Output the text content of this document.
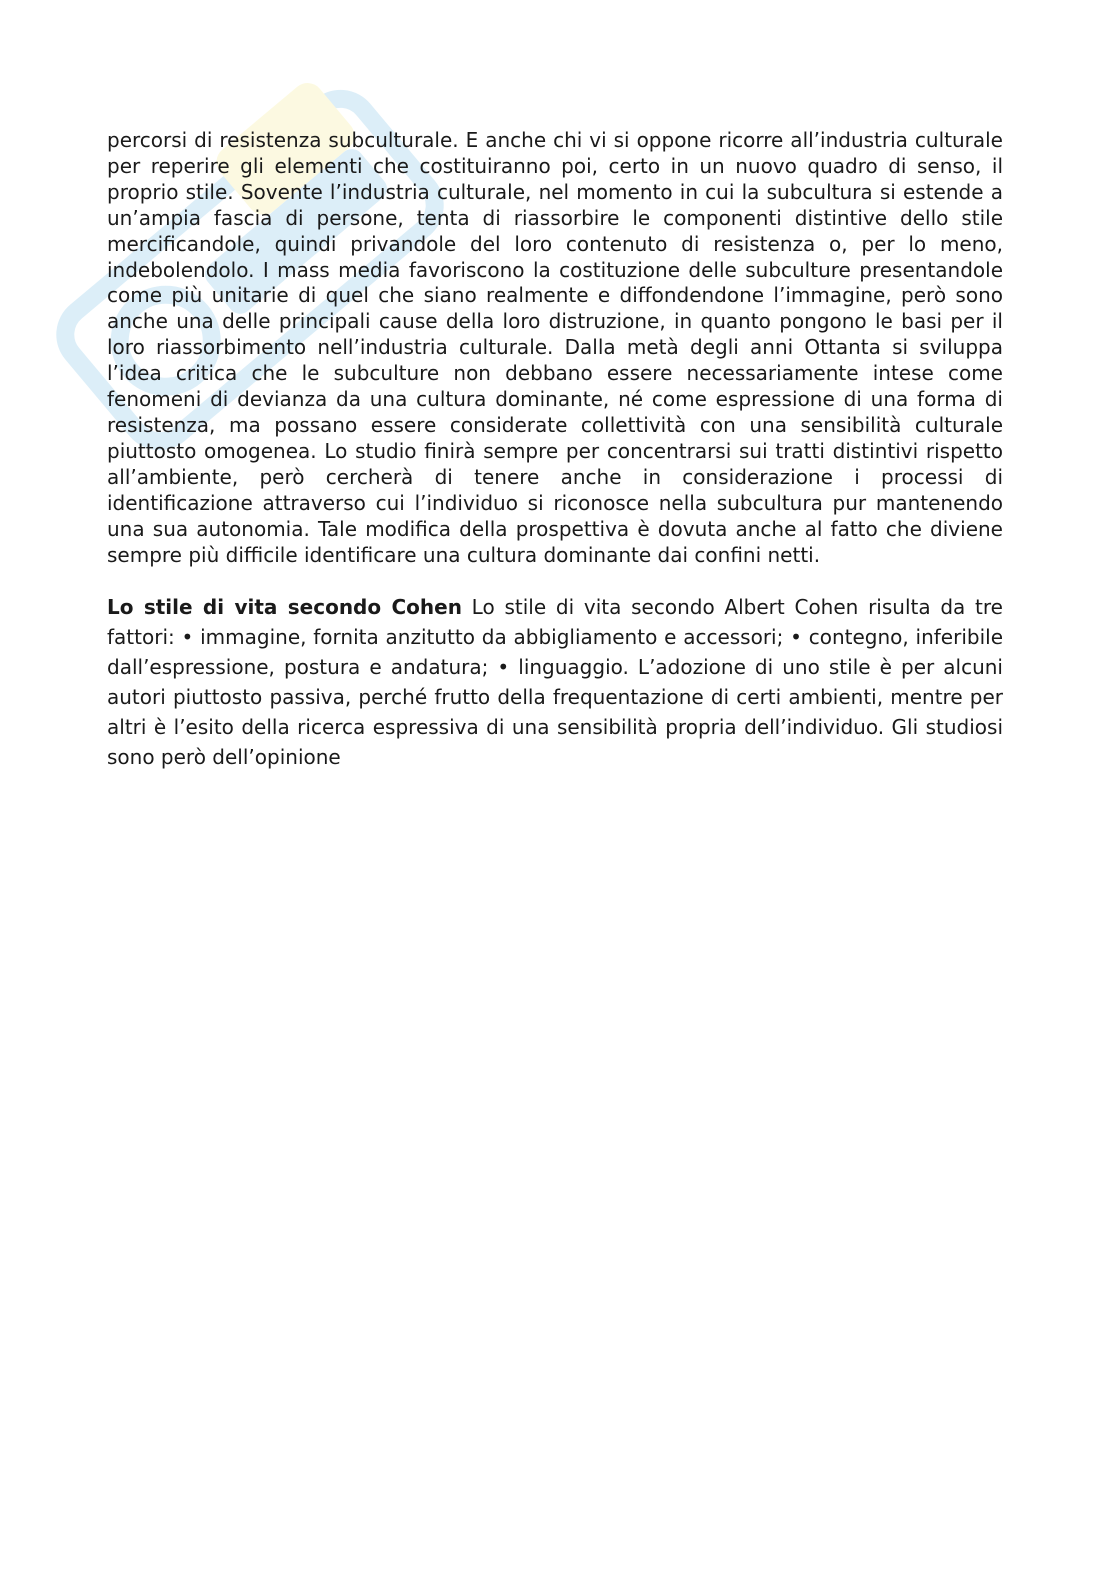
percorsi di resistenza subculturale. E anche chi vi si oppone ricorre all’industria culturale per reperire gli elementi che costituiranno poi, certo in un nuovo quadro di senso, il proprio stile. Sovente l’industria culturale, nel momento in cui la subcultura si estende a un’ampia fascia di persone, tenta di riassorbire le componenti distintive dello stile mercificandole, quindi privandole del loro contenuto di resistenza o, per lo meno, indebolendolo. I mass media favoriscono la costituzione delle subculture presentandole come più unitarie di quel che siano realmente e diffondendone l’immagine, però sono anche una delle principali cause della loro distruzione, in quanto pongono le basi per il loro riassorbimento nell’industria culturale. Dalla metà degli anni Ottanta si sviluppa l’idea critica che le subculture non debbano essere necessariamente intese come fenomeni di devianza da una cultura dominante, né come espressione di una forma di resistenza, ma possano essere considerate collettività con una sensibilità culturale piuttosto omogenea. Lo studio finirà sempre per concentrarsi sui tratti distintivi rispetto all’ambiente, però cercherà di tenere anche in considerazione i processi di identificazione attraverso cui l’individuo si riconosce nella subcultura pur mantenendo una sua autonomia. Tale modifica della prospettiva è dovuta anche al fatto che diviene sempre più difficile identificare una cultura dominante dai confini netti.

Lo stile di vita secondo Cohen Lo stile di vita secondo Albert Cohen risulta da tre fattori: • immagine, fornita anzitutto da abbigliamento e accessori; • contegno, inferibile dall’espressione, postura e andatura; • linguaggio. L’adozione di uno stile è per alcuni autori piuttosto passiva, perché frutto della frequentazione di certi ambienti, mentre per altri è l’esito della ricerca espressiva di una sensibilità propria dell’individuo. Gli studiosi sono però dell’opinione
